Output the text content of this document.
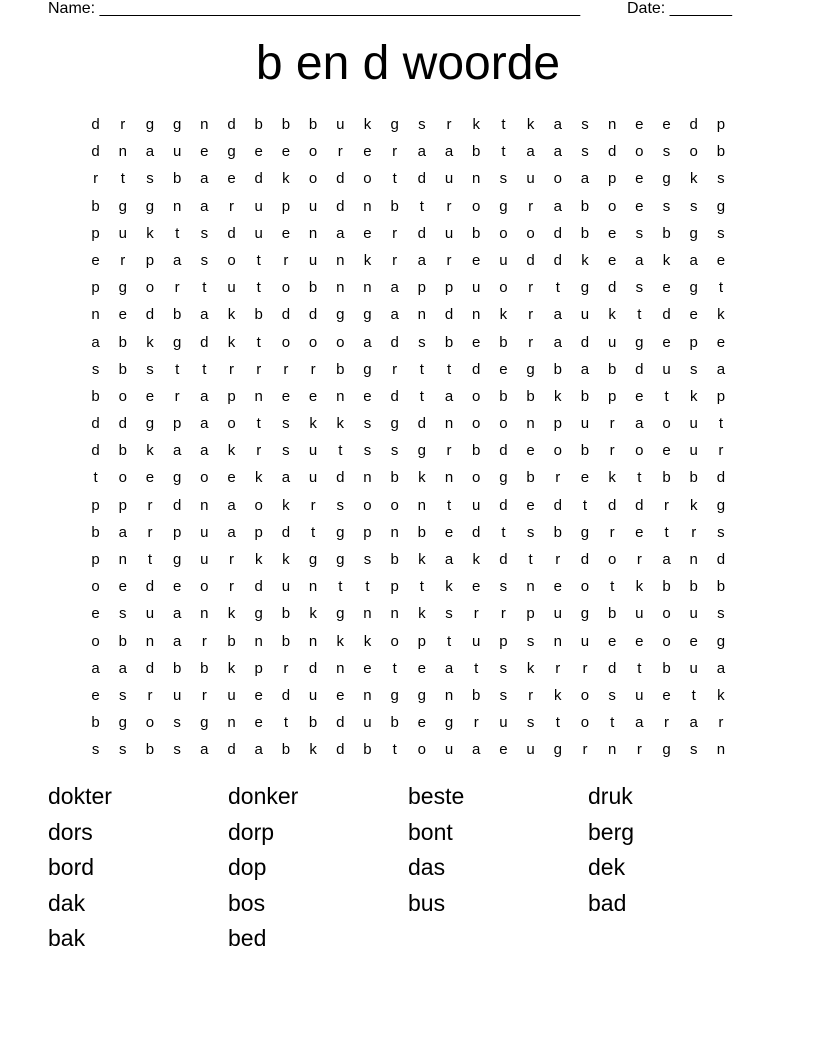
Name: ______________________________________________________	Date: _______
b en d woorde
d	r	g	g	n	d	b	b	b	u	k	g	s	r	k	t	k	a	s	n	e	e	d	p
d	n	a	u	e	g	e	e	o	r	e	r	a	a	b	t	a	a	s	d	o	s	o	b
r	t	s	b	a	e	d	k	o	d	o	t	d	u	n	s	u	o	a	p	e	g	k	s
b	g	g	n	a	r	u	p	u	d	n	b	t	r	o	g	r	a	b	o	e	s	s	g
p	u	k	t	s	d	u	e	n	a	e	r	d	u	b	o	o	d	b	e	s	b	g	s
e	r	p	a	s	o	t	r	u	n	k	r	a	r	e	u	d	d	k	e	a	k	a	e
p	g	o	r	t	u	t	o	b	n	n	a	p	p	u	o	r	t	g	d	s	e	g	t
n	e	d	b	a	k	b	d	d	g	g	a	n	d	n	k	r	a	u	k	t	d	e	k
a	b	k	g	d	k	t	o	o	o	a	d	s	b	e	b	r	a	d	u	g	e	p	e
s	b	s	t	t	r	r	r	r	b	g	r	t	t	d	e	g	b	a	b	d	u	s	a
b	o	e	r	a	p	n	e	e	n	e	d	t	a	o	b	b	k	b	p	e	t	k	p
d	d	g	p	a	o	t	s	k	k	s	g	d	n	o	o	n	p	u	r	a	o	u	t
d	b	k	a	a	k	r	s	u	t	s	s	g	r	b	d	e	o	b	r	o	e	u	r
t	o	e	g	o	e	k	a	u	d	n	b	k	n	o	g	b	r	e	k	t	b	b	d
p	p	r	d	n	a	o	k	r	s	o	o	n	t	u	d	e	d	t	d	d	r	k	g
b	a	r	p	u	a	p	d	t	g	p	n	b	e	d	t	s	b	g	r	e	t	r	s
p	n	t	g	u	r	k	k	g	g	s	b	k	a	k	d	t	r	d	o	r	a	n	d
o	e	d	e	o	r	d	u	n	t	t	p	t	k	e	s	n	e	o	t	k	b	b	b
e	s	u	a	n	k	g	b	k	g	n	n	k	s	r	r	p	u	g	b	u	o	u	s
o	b	n	a	r	b	n	b	n	k	k	o	p	t	u	p	s	n	u	e	e	o	e	g
a	a	d	b	b	k	p	r	d	n	e	t	e	a	t	s	k	r	r	d	t	b	u	a
e	s	r	u	r	u	e	d	u	e	n	g	g	n	b	s	r	k	o	s	u	e	t	k
b	g	o	s	g	n	e	t	b	d	u	b	e	g	r	u	s	t	o	t	a	r	a	r
s	s	b	s	a	d	a	b	k	d	b	t	o	u	a	e	u	g	r	n	r	g	s	n
dokter	donker	beste	druk
dors	dorp	bont	berg
bord	dop	das	dek
dak	bos	bus	bad
bak	bed
